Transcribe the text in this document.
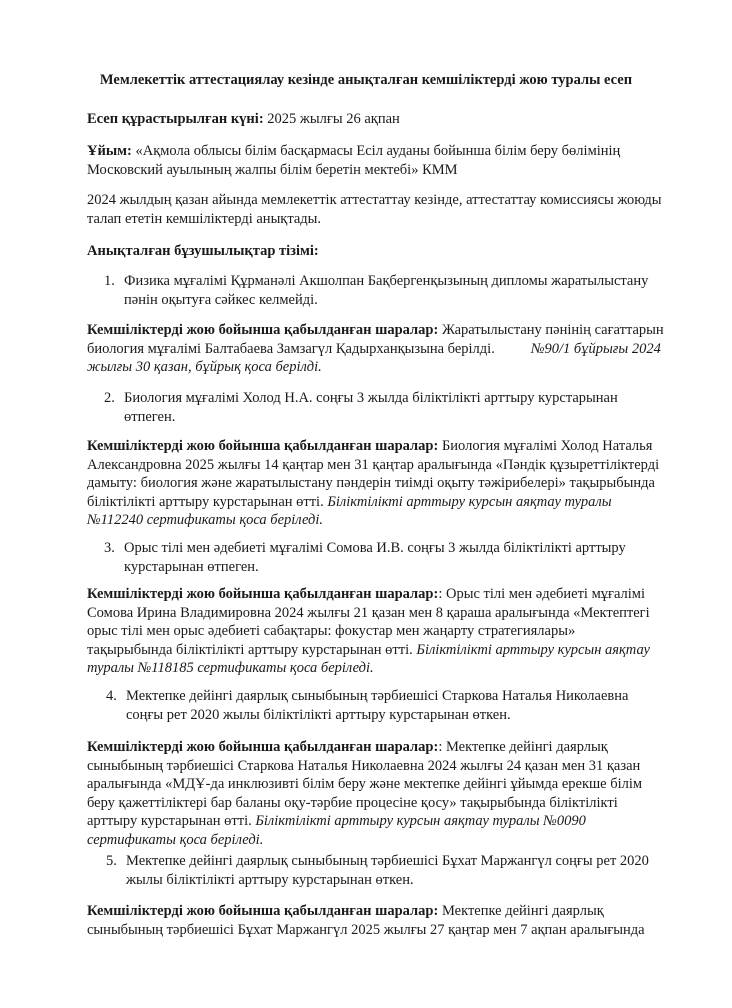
Мемлекеттік аттестациялау кезінде анықталған кемшіліктерді жою туралы есеп
Есеп құрастырылған күні: 2025 жылғы 26 ақпан
Ұйым: «Ақмола облысы білім басқармасы Есіл ауданы бойынша білім беру бөлімінің
Московский ауылының жалпы білім беретін мектебі» КММ
2024 жылдың қазан айында мемлекеттік аттестаттау кезінде, аттестаттау комиссиясы жоюды
талап ететін кемшіліктерді анықтады.
Анықталған бұзушылықтар тізімі:
1. Физика мұғалімі Құрманәлі Акшолпан Бақбергенқызының дипломы жаратылыстану
пәнін оқытуға сәйкес келмейді.
Кемшіліктерді жою бойынша қабылданған шаралар: Жаратылыстану пәнінің сағаттарын
биология мұғалімі Балтабаева Замзагүл Қадырханқызына берілді. №90/1 бұйрығы 2024
жылғы 30 қазан, бұйрық қоса берілді.
2. Биология мұғалімі Холод Н.А. соңғы 3 жылда біліктілікті арттыру курстарынан
өтпеген.
Кемшіліктерді жою бойынша қабылданған шаралар: Биология мұғалімі Холод Наталья
Александровна 2025 жылғы 14 қаңтар мен 31 қаңтар аралығында «Пәндік құзыреттіліктерді
дамыту: биология және жаратылыстану пәндерін тиімді оқыту тәжірибелері» тақырыбында
біліктілікті арттыру курстарынан өтті. Біліктілікті арттыру курсын аяқтау туралы
№112240 сертификаты қоса беріледі.
3. Орыс тілі мен әдебиеті мұғалімі Сомова И.В. соңғы 3 жылда біліктілікті арттыру
курстарынан өтпеген.
Кемшіліктерді жою бойынша қабылданған шаралар:: Орыс тілі мен әдебиеті мұғалімі
Сомова Ирина Владимировна 2024 жылғы 21 қазан мен 8 қараша аралығында «Мектептегі
орыс тілі мен орыс әдебиеті сабақтары: фокустар мен жаңарту стратегиялары»
тақырыбында біліктілікті арттыру курстарынан өтті. Біліктілікті арттыру курсын аяқтау
туралы №118185 сертификаты қоса беріледі.
4. Мектепке дейінгі даярлық сыныбының тәрбиешісі Старкова Наталья Николаевна
соңғы рет 2020 жылы біліктілікті арттыру курстарынан өткен.
Кемшіліктерді жою бойынша қабылданған шаралар:: Мектепке дейінгі даярлық
сыныбының тәрбиешісі Старкова Наталья Николаевна 2024 жылғы 24 қазан мен 31 қазан
аралығында «МДҰ-да инклюзивті білім беру және мектепке дейінгі ұйымда ерекше білім
беру қажеттіліктері бар баланы оқу-тәрбие процесіне қосу» тақырыбында біліктілікті
арттыру курстарынан өтті. Біліктілікті арттыру курсын аяқтау туралы №0090
сертификаты қоса беріледі.
5. Мектепке дейінгі даярлық сыныбының тәрбиешісі Бұхат Маржангүл соңғы рет 2020
жылы біліктілікті арттыру курстарынан өткен.
Кемшіліктерді жою бойынша қабылданған шаралар: Мектепке дейінгі даярлық
сыныбының тәрбиешісі Бұхат Маржангүл 2025 жылғы 27 қаңтар мен 7 ақпан аралығында
